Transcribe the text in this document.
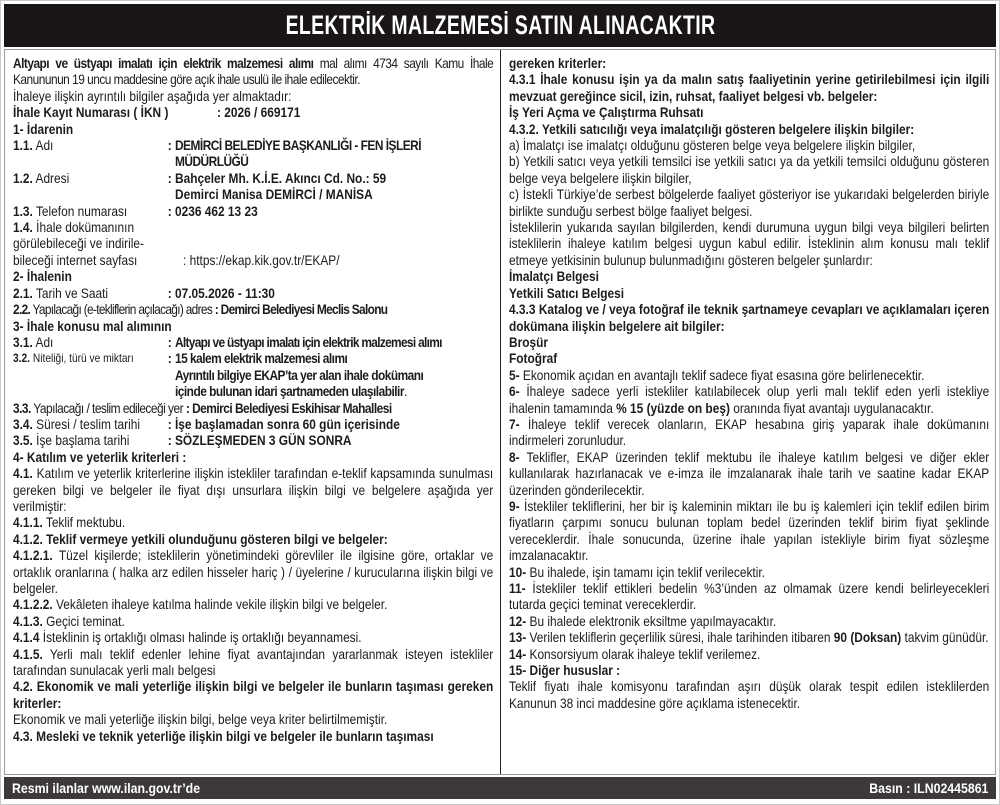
ELEKTRİK MALZEMESİ SATIN ALINACAKTIR
Altyapı ve üstyapı imalatı için elektrik malzemesi alımı mal alımı 4734 sayılı Kamu İhale Kanununun 19 uncu maddesine göre açık ihale usulü ile ihale edilecektir.
İhaleye ilişkin ayrıntılı bilgiler aşağıda yer almaktadır:
İhale Kayıt Numarası ( İKN )	: 2026 / 669171
1- İdarenin
1.1. Adı	: DEMİRCİ BELEDİYE BAŞKANLIĞI - FEN İŞLERİ MÜDÜRLÜĞÜ
1.2. Adresi	: Bahçeler Mh. K.İ.E. Akıncı Cd. No.: 59
Demirci Manisa DEMİRCİ / MANİSA
1.3. Telefon numarası	: 0236 462 13 23
1.4. İhale dokümanının görülebileceği ve indirile-bileceği internet sayfası	: https://ekap.kik.gov.tr/EKAP/
2- İhalenin
2.1. Tarih ve Saati	: 07.05.2026 - 11:30
2.2. Yapılacağı (e-tekliflerin açılacağı) adres : Demirci Belediyesi Meclis Salonu
3- İhale konusu mal alımının
3.1. Adı	: Altyapı ve üstyapı imalatı için elektrik malzemesi alımı
3.2. Niteliği, türü ve miktarı	: 15 kalem elektrik malzemesi alımı
Ayrıntılı bilgiye EKAP’ta yer alan ihale dokümanı
içinde bulunan idari şartnameden ulaşılabilir.
3.3. Yapılacağı / teslim edileceği yer : Demirci Belediyesi Eskihisar Mahallesi
3.4. Süresi / teslim tarihi	: İşe başlamadan sonra 60 gün içerisinde
3.5. İşe başlama tarihi	: SÖZLEŞMEDEN 3 GÜN SONRA
4- Katılım ve yeterlik kriterleri :
4.1. Katılım ve yeterlik kriterlerine ilişkin istekliler tarafından e-teklif kapsamında sunulması gereken bilgi ve belgeler ile fiyat dışı unsurlara ilişkin bilgi ve belgelere aşağıda yer verilmiştir:
4.1.1. Teklif mektubu.
4.1.2. Teklif vermeye yetkili olunduğunu gösteren bilgi ve belgeler:
4.1.2.1. Tüzel kişilerde; isteklilerin yönetimindeki görevliler ile ilgisine göre, ortaklar ve ortaklık oranlarına ( halka arz edilen hisseler hariç ) / üyelerine / kurucularına ilişkin bilgi ve belgeler.
4.1.2.2. Vekâleten ihaleye katılma halinde vekile ilişkin bilgi ve belgeler.
4.1.3. Geçici teminat.
4.1.4 İsteklinin iş ortaklığı olması halinde iş ortaklığı beyannamesi.
4.1.5. Yerli malı teklif edenler lehine fiyat avantajından yararlanmak isteyen istekliler tarafından sunulacak yerli malı belgesi
4.2. Ekonomik ve mali yeterliğe ilişkin bilgi ve belgeler ile bunların taşıması gereken kriterler:
Ekonomik ve mali yeterliğe ilişkin bilgi, belge veya kriter belirtilmemiştir.
4.3. Mesleki ve teknik yeterliğe ilişkin bilgi ve belgeler ile bunların taşıması
gereken kriterler:
4.3.1 İhale konusu işin ya da malın satış faaliyetinin yerine getirilebilmesi için ilgili mevzuat gereğince sicil, izin, ruhsat, faaliyet belgesi vb. belgeler:
İş Yeri Açma ve Çalıştırma Ruhsatı
4.3.2. Yetkili satıcılığı veya imalatçılığı gösteren belgelere ilişkin bilgiler:
a) İmalatçı ise imalatçı olduğunu gösteren belge veya belgelere ilişkin bilgiler,
b) Yetkili satıcı veya yetkili temsilci ise yetkili satıcı ya da yetkili temsilci olduğunu gösteren belge veya belgelere ilişkin bilgiler,
c) İstekli Türkiye’de serbest bölgelerde faaliyet gösteriyor ise yukarıdaki belgelerden biriyle birlikte sunduğu serbest bölge faaliyet belgesi.
İsteklilerin yukarıda sayılan bilgilerden, kendi durumuna uygun bilgi veya bilgileri belirten isteklilerin ihaleye katılım belgesi uygun kabul edilir. İsteklinin alım konusu malı teklif etmeye yetkisinin bulunup bulunmadığını gösteren belgeler şunlardır:
İmalatçı Belgesi
Yetkili Satıcı Belgesi
4.3.3 Katalog ve / veya fotoğraf ile teknik şartnameye cevapları ve açıklamaları içeren dokümana ilişkin belgelere ait bilgiler:
Broşür
Fotoğraf
5- Ekonomik açıdan en avantajlı teklif sadece fiyat esasına göre belirlenecektir.
6- İhaleye sadece yerli istekliler katılabilecek olup yerli malı teklif eden yerli istekliye ihalenin tamamında % 15 (yüzde on beş) oranında fiyat avantajı uygulanacaktır.
7- İhaleye teklif verecek olanların, EKAP hesabına giriş yaparak ihale dokümanını indirmeleri zorunludur.
8- Teklifler, EKAP üzerinden teklif mektubu ile ihaleye katılım belgesi ve diğer ekler kullanılarak hazırlanacak ve e-imza ile imzalanarak ihale tarih ve saatine kadar EKAP üzerinden gönderilecektir.
9- İstekliler tekliflerini, her bir iş kaleminin miktarı ile bu iş kalemleri için teklif edilen birim fiyatların çarpımı sonucu bulunan toplam bedel üzerinden teklif birim fiyat şeklinde vereceklerdir. İhale sonucunda, üzerine ihale yapılan istekliyle birim fiyat sözleşme imzalanacaktır.
10- Bu ihalede, işin tamamı için teklif verilecektir.
11- İstekliler teklif ettikleri bedelin %3’ünden az olmamak üzere kendi belirleyecekleri tutarda geçici teminat vereceklerdir.
12- Bu ihalede elektronik eksiltme yapılmayacaktır.
13- Verilen tekliflerin geçerlilik süresi, ihale tarihinden itibaren 90 (Doksan) takvim günüdür.
14- Konsorsiyum olarak ihaleye teklif verilemez.
15- Diğer hususlar :
Teklif fiyatı ihale komisyonu tarafından aşırı düşük olarak tespit edilen isteklilerden Kanunun 38 inci maddesine göre açıklama istenecektir.
Resmi ilanlar www.ilan.gov.tr’de	Basın : ILN02445861
